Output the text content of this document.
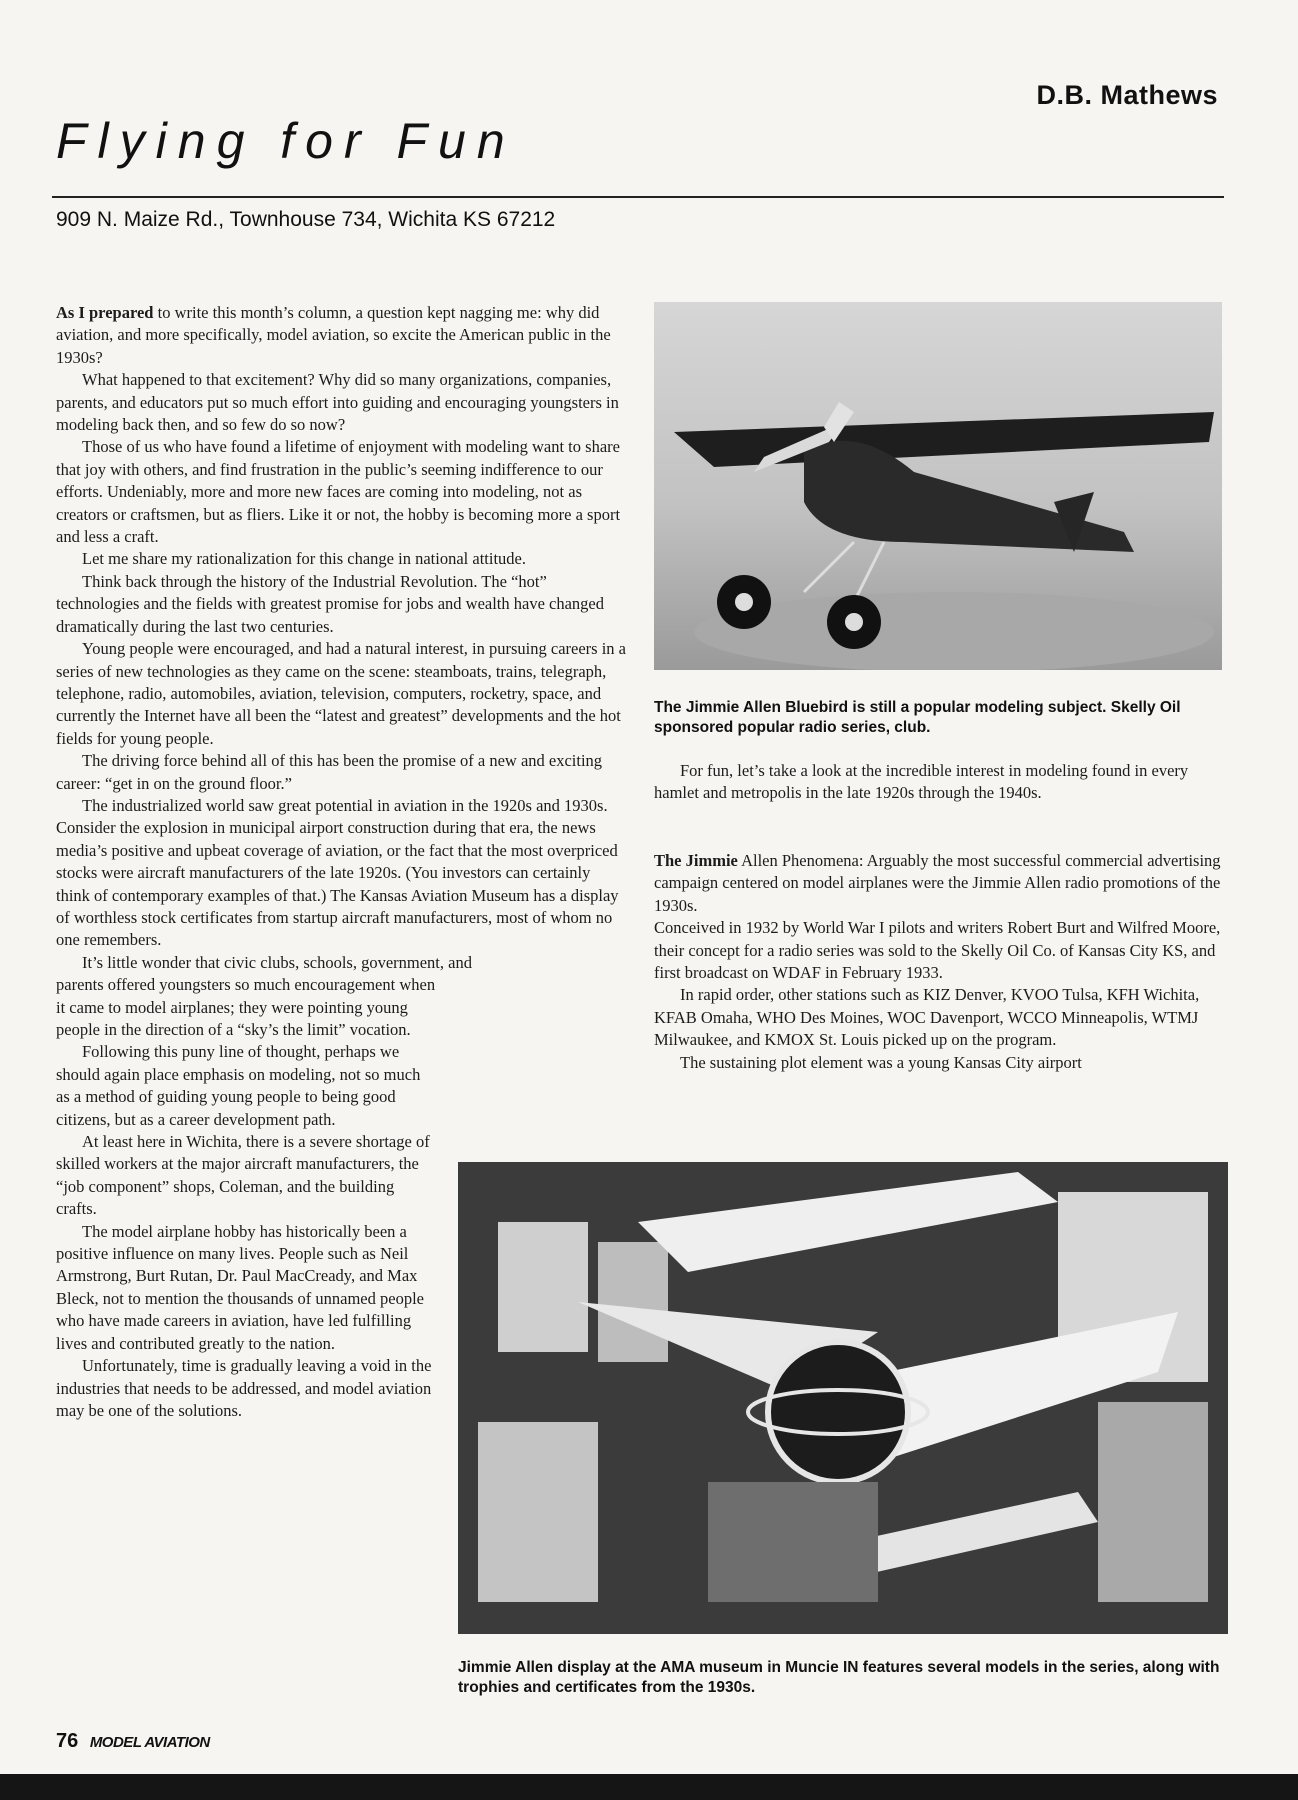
D.B. Mathews
Flying for Fun
909 N. Maize Rd., Townhouse 734, Wichita KS 67212

As I prepared to write this month’s column, a question kept nagging me: why did aviation, and more specifically, model aviation, so excite the American public in the 1930s?

What happened to that excitement? Why did so many organizations, companies, parents, and educators put so much effort into guiding and encouraging youngsters in modeling back then, and so few do so now?

Those of us who have found a lifetime of enjoyment with modeling want to share that joy with others, and find frustration in the public’s seeming indifference to our efforts. Undeniably, more and more new faces are coming into modeling, not as creators or craftsmen, but as fliers. Like it or not, the hobby is becoming more a sport and less a craft.

Let me share my rationalization for this change in national attitude.

Think back through the history of the Industrial Revolution. The “hot” technologies and the fields with greatest promise for jobs and wealth have changed dramatically during the last two centuries.

Young people were encouraged, and had a natural interest, in pursuing careers in a series of new technologies as they came on the scene: steamboats, trains, telegraph, telephone, radio, automobiles, aviation, television, computers, rocketry, space, and currently the Internet have all been the “latest and greatest” developments and the hot fields for young people.

The driving force behind all of this has been the promise of a new and exciting career: “get in on the ground floor.”

The industrialized world saw great potential in aviation in the 1920s and 1930s. Consider the explosion in municipal airport construction during that era, the news media’s positive and upbeat coverage of aviation, or the fact that the most overpriced stocks were aircraft manufacturers of the late 1920s. (You investors can certainly think of contemporary examples of that.) The Kansas Aviation Museum has a display of worthless stock certificates from startup aircraft manufacturers, most of whom no one remembers.

It’s little wonder that civic clubs, schools, government, and

parents offered youngsters so much encouragement when it came to model airplanes; they were pointing young people in the direction of a “sky’s the limit” vocation.

Following this puny line of thought, perhaps we should again place emphasis on modeling, not so much as a method of guiding young people to being good citizens, but as a career development path.

At least here in Wichita, there is a severe shortage of skilled workers at the major aircraft manufacturers, the “job component” shops, Coleman, and the building crafts.

The model airplane hobby has historically been a positive influence on many lives. People such as Neil Armstrong, Burt Rutan, Dr. Paul MacCready, and Max Bleck, not to mention the thousands of unnamed people who have made careers in aviation, have led fulfilling lives and contributed greatly to the nation.

Unfortunately, time is gradually leaving a void in the industries that needs to be addressed, and model aviation may be one of the solutions.

The Jimmie Allen Bluebird is still a popular modeling subject. Skelly Oil sponsored popular radio series, club.

For fun, let’s take a look at the incredible interest in modeling found in every hamlet and metropolis in the late 1920s through the 1940s.

The Jimmie Allen Phenomena: Arguably the most successful commercial advertising campaign centered on model airplanes were the Jimmie Allen radio promotions of the 1930s.

Conceived in 1932 by World War I pilots and writers Robert Burt and Wilfred Moore, their concept for a radio series was sold to the Skelly Oil Co. of Kansas City KS, and first broadcast on WDAF in February 1933.

In rapid order, other stations such as KIZ Denver, KVOO Tulsa, KFH Wichita, KFAB Omaha, WHO Des Moines, WOC Davenport, WCCO Minneapolis, WTMJ Milwaukee, and KMOX St. Louis picked up on the program.

The sustaining plot element was a young Kansas City airport

Jimmie Allen display at the AMA museum in Muncie IN features several models in the series, along with trophies and certificates from the 1930s.
76 MODEL AVIATION
